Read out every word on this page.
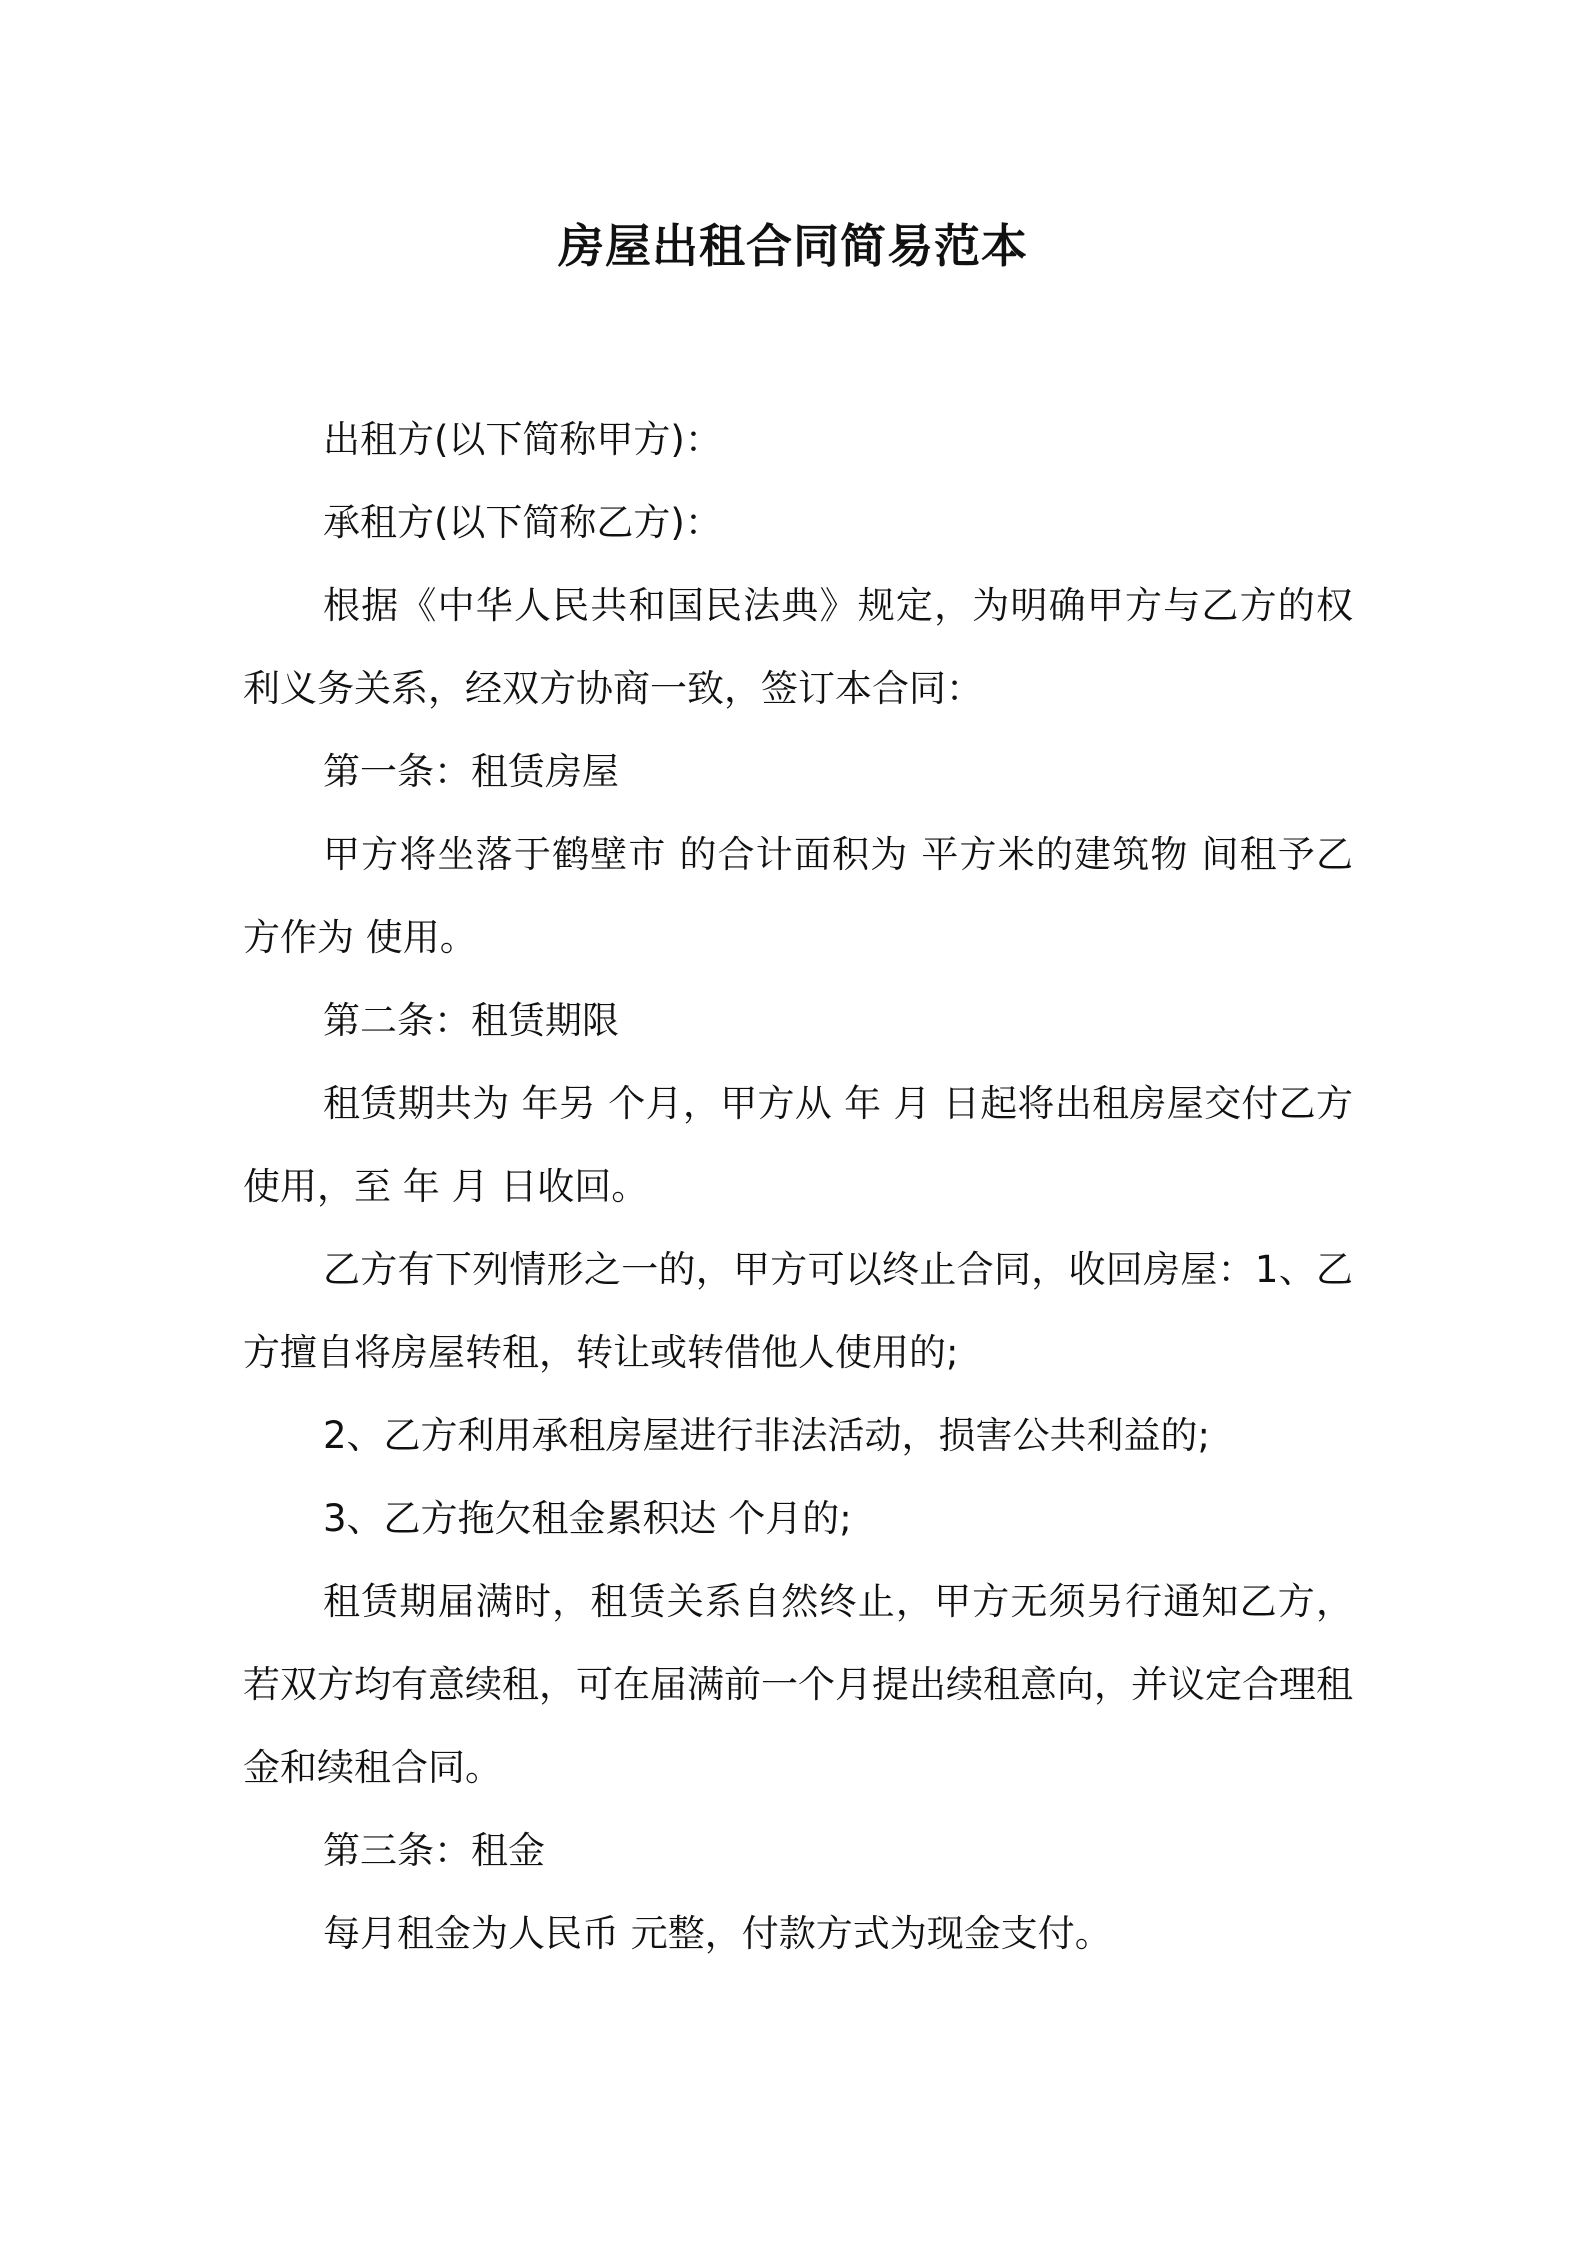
房屋出租合同简易范本

出租方(以下简称甲方)：

承租方(以下简称乙方)：

根据《中华人民共和国民法典》规定，为明确甲方与乙方的权利义务关系，经双方协商一致，签订本合同：

第一条：租赁房屋

甲方将坐落于鹤壁市 的合计面积为 平方米的建筑物 间租予乙方作为 使用。

第二条：租赁期限

租赁期共为 年另 个月，甲方从 年 月 日起将出租房屋交付乙方使用，至 年 月 日收回。

乙方有下列情形之一的，甲方可以终止合同，收回房屋：1、乙方擅自将房屋转租，转让或转借他人使用的;

2、乙方利用承租房屋进行非法活动，损害公共利益的;

3、乙方拖欠租金累积达 个月的;

租赁期届满时，租赁关系自然终止，甲方无须另行通知乙方，若双方均有意续租，可在届满前一个月提出续租意向，并议定合理租金和续租合同。

第三条：租金

每月租金为人民币 元整，付款方式为现金支付。
